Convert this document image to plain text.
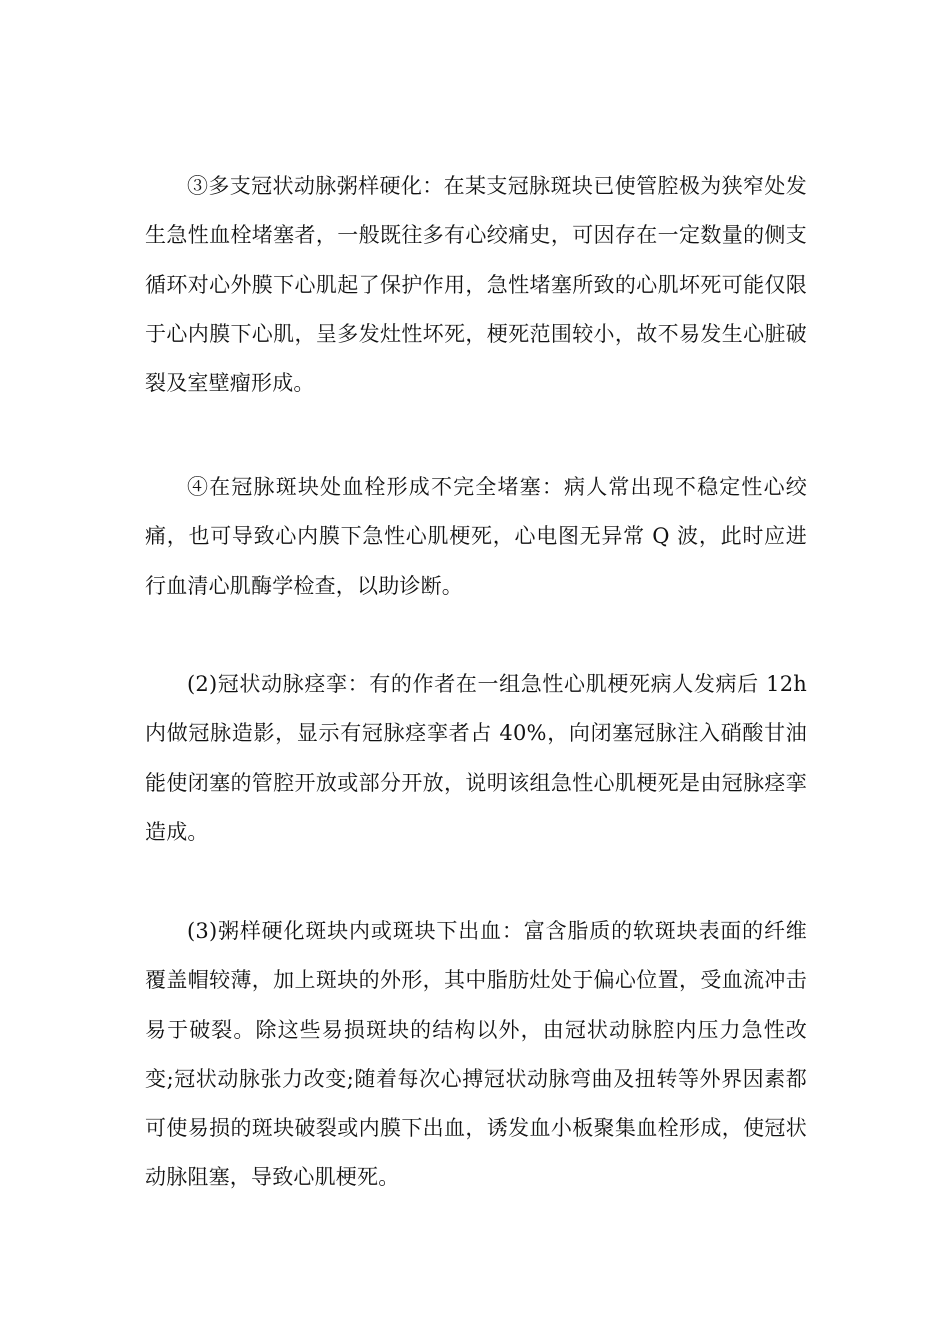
③多支冠状动脉粥样硬化：在某支冠脉斑块已使管腔极为狭窄处发生急性血栓堵塞者，一般既往多有心绞痛史，可因存在一定数量的侧支循环对心外膜下心肌起了保护作用，急性堵塞所致的心肌坏死可能仅限于心内膜下心肌，呈多发灶性坏死，梗死范围较小，故不易发生心脏破裂及室壁瘤形成。

④在冠脉斑块处血栓形成不完全堵塞：病人常出现不稳定性心绞痛，也可导致心内膜下急性心肌梗死，心电图无异常 Q 波，此时应进行血清心肌酶学检查，以助诊断。

(2)冠状动脉痉挛：有的作者在一组急性心肌梗死病人发病后 12h 内做冠脉造影，显示有冠脉痉挛者占 40%，向闭塞冠脉注入硝酸甘油能使闭塞的管腔开放或部分开放，说明该组急性心肌梗死是由冠脉痉挛造成。

(3)粥样硬化斑块内或斑块下出血：富含脂质的软斑块表面的纤维覆盖帽较薄，加上斑块的外形，其中脂肪灶处于偏心位置，受血流冲击易于破裂。除这些易损斑块的结构以外，由冠状动脉腔内压力急性改变;冠状动脉张力改变;随着每次心搏冠状动脉弯曲及扭转等外界因素都可使易损的斑块破裂或内膜下出血，诱发血小板聚集血栓形成，使冠状动脉阻塞，导致心肌梗死。
